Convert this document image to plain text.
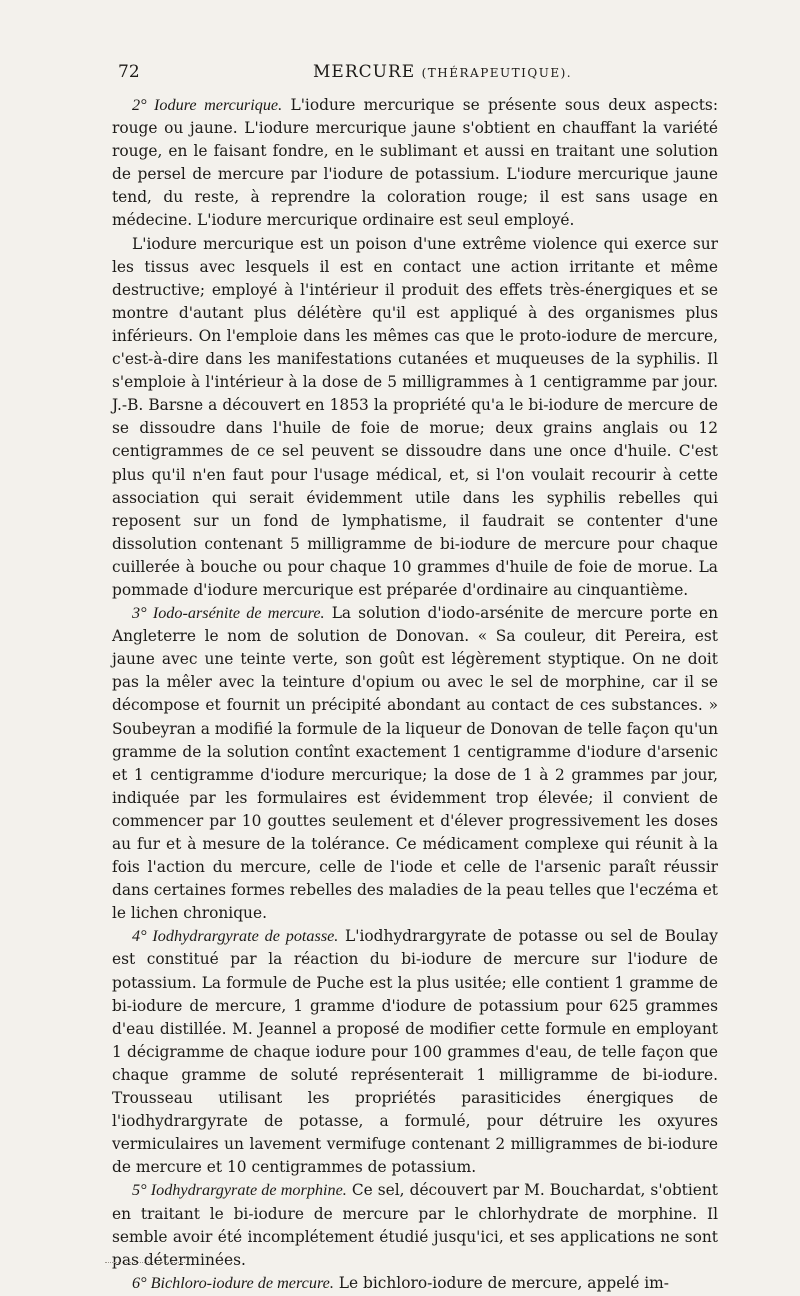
72	MERCURE (THÉRAPEUTIQUE).

2° Iodure mercurique. L'iodure mercurique se présente sous deux aspects: rouge ou jaune. L'iodure mercurique jaune s'obtient en chauffant la variété rouge, en le faisant fondre, en le sublimant et aussi en traitant une solution de persel de mercure par l'iodure de potassium. L'iodure mercurique jaune tend, du reste, à reprendre la coloration rouge; il est sans usage en médecine. L'iodure mercurique ordinaire est seul employé.

L'iodure mercurique est un poison d'une extrême violence qui exerce sur les tissus avec lesquels il est en contact une action irritante et même destructive; employé à l'intérieur il produit des effets très-énergiques et se montre d'autant plus délétère qu'il est appliqué à des organismes plus inférieurs. On l'emploie dans les mêmes cas que le proto-iodure de mercure, c'est-à-dire dans les manifestations cutanées et muqueuses de la syphilis. Il s'emploie à l'intérieur à la dose de 5 milligrammes à 1 centigramme par jour. J.-B. Barsne a découvert en 1853 la propriété qu'a le bi-iodure de mercure de se dissoudre dans l'huile de foie de morue; deux grains anglais ou 12 centigrammes de ce sel peuvent se dissoudre dans une once d'huile. C'est plus qu'il n'en faut pour l'usage médical, et, si l'on voulait recourir à cette association qui serait évidemment utile dans les syphilis rebelles qui reposent sur un fond de lymphatisme, il faudrait se contenter d'une dissolution contenant 5 milligramme de bi-iodure de mercure pour chaque cuillerée à bouche ou pour chaque 10 grammes d'huile de foie de morue. La pommade d'iodure mercurique est préparée d'ordinaire au cinquantième.

3° Iodo-arsénite de mercure. La solution d'iodo-arsénite de mercure porte en Angleterre le nom de solution de Donovan. « Sa couleur, dit Pereira, est jaune avec une teinte verte, son goût est légèrement styptique. On ne doit pas la mêler avec la teinture d'opium ou avec le sel de morphine, car il se décompose et fournit un précipité abondant au contact de ces substances. » Soubeyran a modifié la formule de la liqueur de Donovan de telle façon qu'un gramme de la solution contînt exactement 1 centigramme d'iodure d'arsenic et 1 centigramme d'iodure mercurique; la dose de 1 à 2 grammes par jour, indiquée par les formulaires est évidemment trop élevée; il convient de commencer par 10 gouttes seulement et d'élever progressivement les doses au fur et à mesure de la tolérance. Ce médicament complexe qui réunit à la fois l'action du mercure, celle de l'iode et celle de l'arsenic paraît réussir dans certaines formes rebelles des maladies de la peau telles que l'eczéma et le lichen chronique.

4° Iodhydrargyrate de potasse. L'iodhydrargyrate de potasse ou sel de Boulay est constitué par la réaction du bi-iodure de mercure sur l'iodure de potassium. La formule de Puche est la plus usitée; elle contient 1 gramme de bi-iodure de mercure, 1 gramme d'iodure de potassium pour 625 grammes d'eau distillée. M. Jeannel a proposé de modifier cette formule en employant 1 décigramme de chaque iodure pour 100 grammes d'eau, de telle façon que chaque gramme de soluté représenterait 1 milligramme de bi-iodure. Trousseau utilisant les propriétés parasiticides énergiques de l'iodhydrargyrate de potasse, a formulé, pour détruire les oxyures vermiculaires un lavement vermifuge contenant 2 milligrammes de bi-iodure de mercure et 10 centigrammes de potassium.

5° Iodhydrargyrate de morphine. Ce sel, découvert par M. Bouchardat, s'obtient en traitant le bi-iodure de mercure par le chlorhydrate de morphine. Il semble avoir été incomplétement étudié jusqu'ici, et ses applications ne sont pas déterminées.

6° Bichloro-iodure de mercure. Le bichloro-iodure de mercure, appelé im-
